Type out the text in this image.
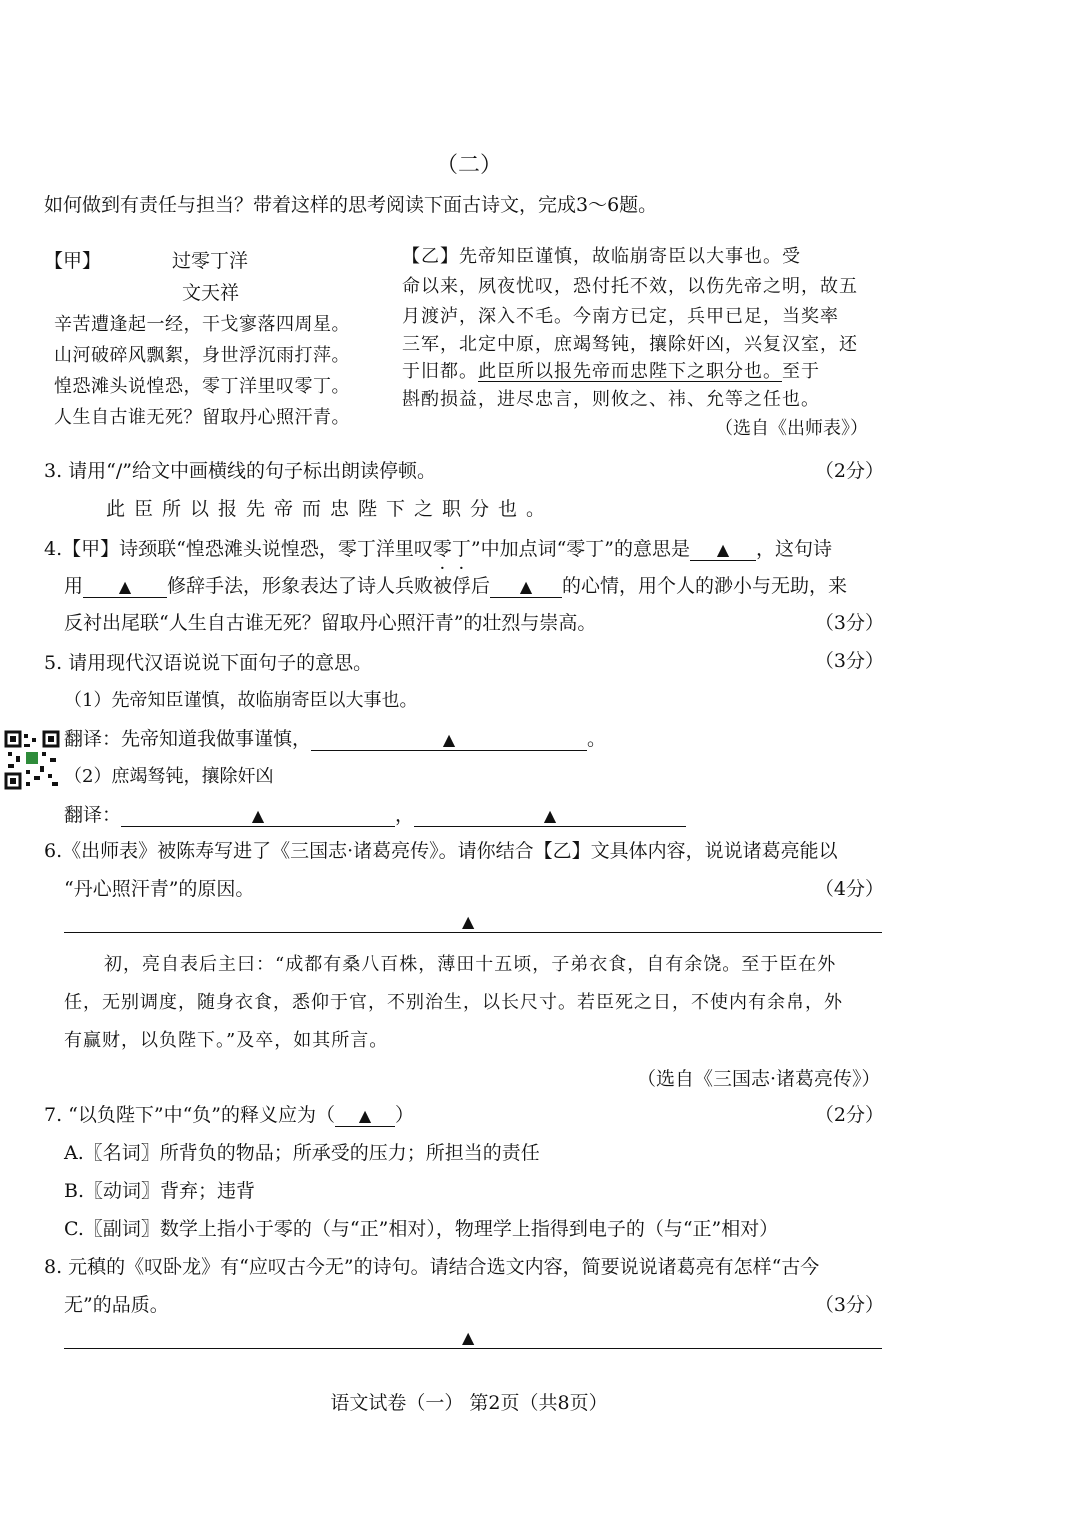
（二）
如何做到有责任与担当？带着这样的思考阅读下面古诗文，完成3～6题。
【甲】	过零丁洋
文天祥
辛苦遭逢起一经，干戈寥落四周星。
山河破碎风飘絮，身世浮沉雨打萍。
惶恐滩头说惶恐，零丁洋里叹零丁。
人生自古谁无死？留取丹心照汗青。
【乙】先帝知臣谨慎，故临崩寄臣以大事也。受
命以来，夙夜忧叹，恐付托不效，以伤先帝之明，故五
月渡泸，深入不毛。今南方已定，兵甲已足，当奖率
三军，北定中原，庶竭驽钝，攘除奸凶，兴复汉室，还
于旧都。此臣所以报先帝而忠陛下之职分也。至于
斟酌损益，进尽忠言，则攸之、祎、允等之任也。
（选自《出师表》）
3. 请用“/”给文中画横线的句子标出朗读停顿。	（2分）
此臣所以报先帝而忠陛下之职分也。
4.【甲】诗颈联“惶恐滩头说惶恐，零丁洋里叹零丁”中加点词“零丁”的意思是 ▲ ，这句诗
用 ▲ 修辞手法，形象表达了诗人兵败被俘后 ▲ 的心情，用个人的渺小与无助，来
反衬出尾联“人生自古谁无死？留取丹心照汗青”的壮烈与崇高。	（3分）
5. 请用现代汉语说说下面句子的意思。	（3分）
（1）先帝知臣谨慎，故临崩寄臣以大事也。
翻译：先帝知道我做事谨慎，	▲	。
（2）庶竭驽钝，攘除奸凶
翻译：	▲	，	▲
6.《出师表》被陈寿写进了《三国志·诸葛亮传》。请你结合【乙】文具体内容，说说诸葛亮能以
“丹心照汗青”的原因。	（4分）
▲
初，亮自表后主曰：“成都有桑八百株，薄田十五顷，子弟衣食，自有余饶。至于臣在外
任，无别调度，随身衣食，悉仰于官，不别治生，以长尺寸。若臣死之日，不使内有余帛，外
有赢财，以负陛下。”及卒，如其所言。
（选自《三国志·诸葛亮传》）
7. “以负陛下”中“负”的释义应为（ ▲ ）	（2分）
A.〖名词〗所背负的物品；所承受的压力；所担当的责任
B.〖动词〗背弃；违背
C.〖副词〗数学上指小于零的（与“正”相对），物理学上指得到电子的（与“正”相对）
8. 元稹的《叹卧龙》有“应叹古今无”的诗句。请结合选文内容，简要说说诸葛亮有怎样“古今
无”的品质。	（3分）
▲
语文试卷（一） 第2页（共8页）
